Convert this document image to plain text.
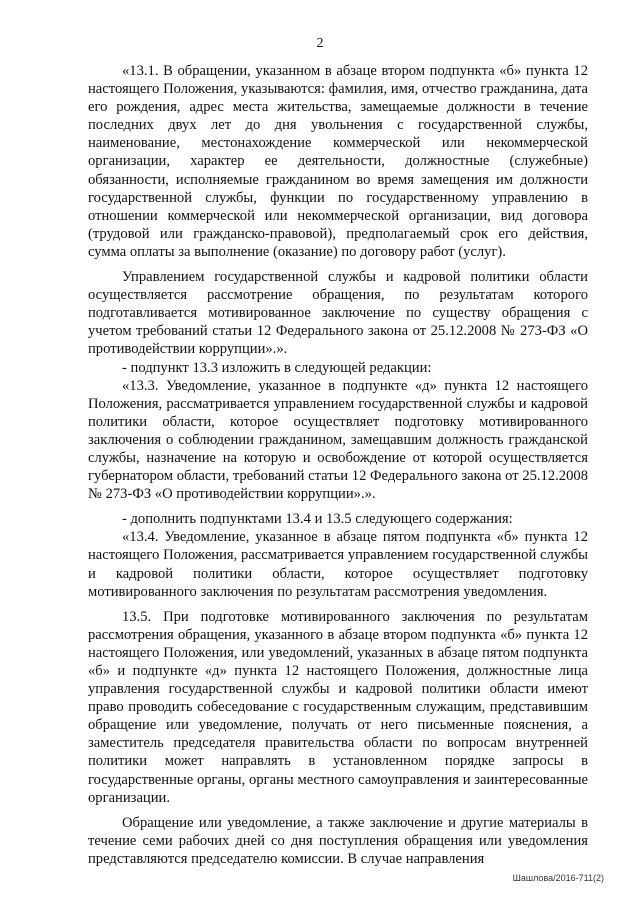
2

«13.1. В обращении, указанном в абзаце втором подпункта «б» пункта 12 настоящего Положения, указываются: фамилия, имя, отчество гражданина, дата его рождения, адрес места жительства, замещаемые должности в течение последних двух лет до дня увольнения с государственной службы, наименование, местонахождение коммерческой или некоммерческой организации, характер ее деятельности, должностные (служебные) обязанности, исполняемые гражданином во время замещения им должности государственной службы, функции по государственному управлению в отношении коммерческой или некоммерческой организации, вид договора (трудовой или гражданско-правовой), предполагаемый срок его действия, сумма оплаты за выполнение (оказание) по договору работ (услуг).

Управлением государственной службы и кадровой политики области осуществляется рассмотрение обращения, по результатам которого подготавливается мотивированное заключение по существу обращения с учетом требований статьи 12 Федерального закона от 25.12.2008 № 273-ФЗ «О противодействии коррупции».».

- подпункт 13.3 изложить в следующей редакции:

«13.3. Уведомление, указанное в подпункте «д» пункта 12 настоящего Положения, рассматривается управлением государственной службы и кадровой политики области, которое осуществляет подготовку мотивированного заключения о соблюдении гражданином, замещавшим должность гражданской службы, назначение на которую и освобождение от которой осуществляется губернатором области, требований статьи 12 Федерального закона от 25.12.2008 № 273-ФЗ «О противодействии коррупции».».

- дополнить подпунктами 13.4 и 13.5 следующего содержания:

«13.4. Уведомление, указанное в абзаце пятом подпункта «б» пункта 12 настоящего Положения, рассматривается управлением государственной службы и кадровой политики области, которое осуществляет подготовку мотивированного заключения по результатам рассмотрения уведомления.

13.5. При подготовке мотивированного заключения по результатам рассмотрения обращения, указанного в абзаце втором подпункта «б» пункта 12 настоящего Положения, или уведомлений, указанных в абзаце пятом подпункта «б» и подпункте «д» пункта 12 настоящего Положения, должностные лица управления государственной службы и кадровой политики области имеют право проводить собеседование с государственным служащим, представившим обращение или уведомление, получать от него письменные пояснения, а заместитель председателя правительства области по вопросам внутренней политики может направлять в установленном порядке запросы в государственные органы, органы местного самоуправления и заинтересованные организации.

Обращение или уведомление, а также заключение и другие материалы в течение семи рабочих дней со дня поступления обращения или уведомления представляются председателю комиссии. В случае направления

Шашлова/2016-711(2)
